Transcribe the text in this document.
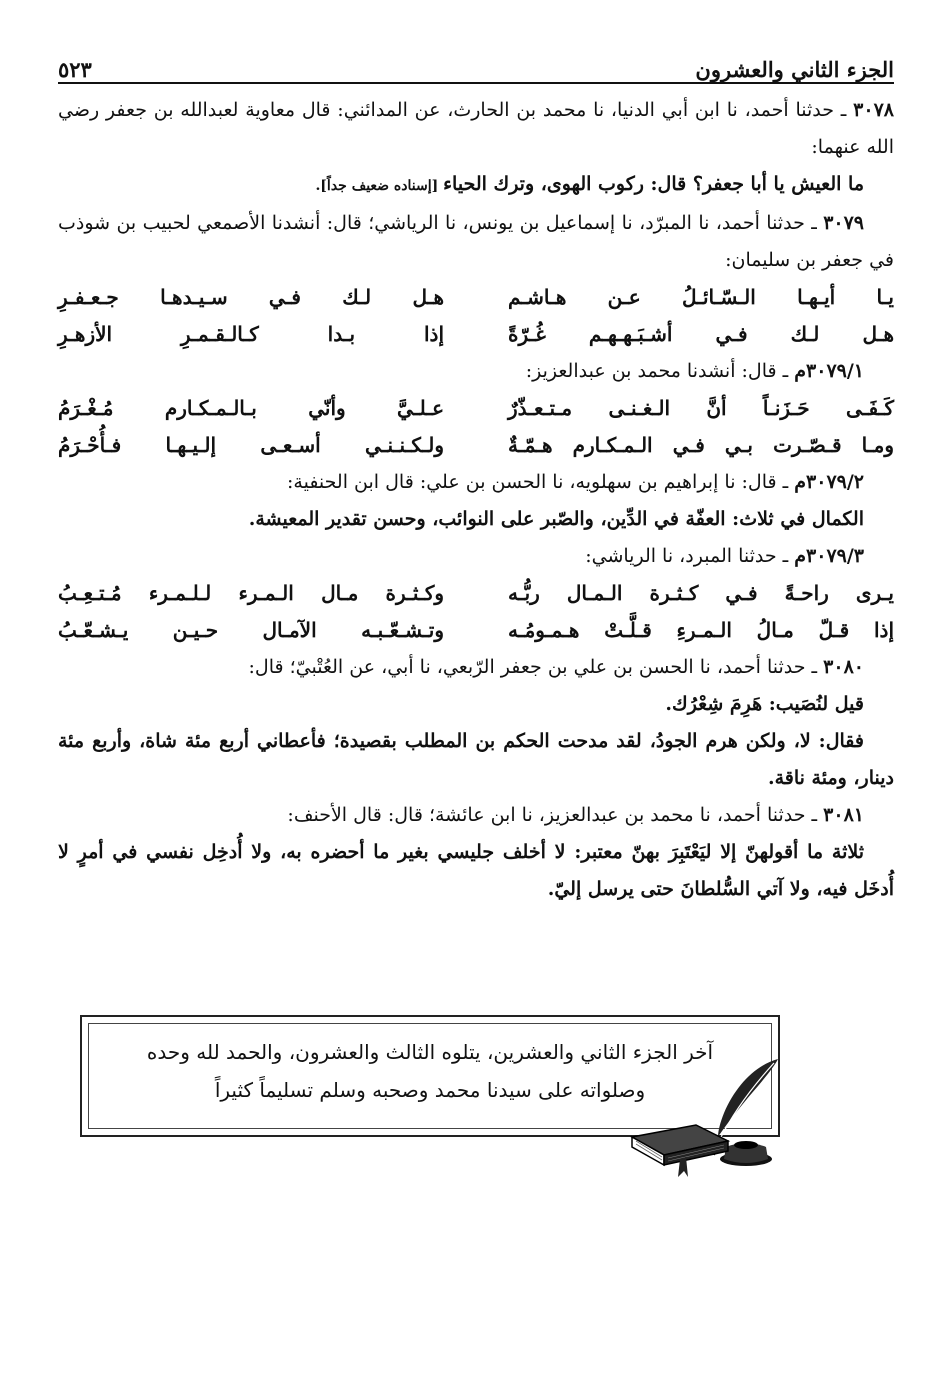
الجزء الثاني والعشرون
٥٢٣

٣٠٧٨ ـ حدثنا أحمد، نا ابن أبي الدنيا، نا محمد بن الحارث، عن المدائني: قال معاوية لعبدالله بن جعفر رضي الله عنهما:

ما العيش يا أبا جعفر؟ قال: ركوب الهوى، وترك الحياء [إسناده ضعيف جداً].

٣٠٧٩ ـ حدثنا أحمد، نا المبرّد، نا إسماعيل بن يونس، نا الرياشي؛ قال: أنشدنا الأصمعي لحبيب بن شوذب في جعفر بن سليمان:

يـا أيـهـا الـسّـائـلُ عـن هـاشـم
هـل لـك فـي سـيـدهـا جـعـفـرِ
هـل لـك فـي أشـبَـهـهـم غُـرّةً
إذا بـدا كـالـقـمـرِ الأزهـرِ

٣٠٧٩/١م ـ قال: أنشدنا محمد بن عبدالعزيز:

كَـفَـى حَـزَنـاً أنَّ الـغـنـى مـتـعـذّرٌ
عـلـيَّ وأنّي بـالـمـكـارم مُـغْـرَمُ
ومـا قـصّـرت بـي فـي الـمـكـارم هـمّـةٌ
ولـكـنـنـي أسـعـى إلـيـهـا فـأُحْـرَمُ

٣٠٧٩/٢م ـ قال: نا إبراهيم بن سهلويه، نا الحسن بن علي: قال ابن الحنفية:

الكمال في ثلاث: العفّة في الدِّين، والصّبر على النوائب، وحسن تقدير المعيشة.

٣٠٧٩/٣م ـ حدثنا المبرد، نا الرياشي:

يـرى راحـةً فـي كـثـرة الـمـال ربُّـه
وكـثـرة مـال الـمـرء لـلـمـرء مُـتـعِـبُ
إذا قـلّ مـالُ الـمـرءِ قـلَّـتْ هـمـومُـه
وتـشـعّـبـه الآمـال حـيـن يـشـعّـبُ

٣٠٨٠ ـ حدثنا أحمد، نا الحسن بن علي بن جعفر الرّبعي، نا أبي، عن العُتْبيّ؛ قال:

قيل لنُصَيب: هَرِمَ شِعْرُك.

فقال: لا، ولكن هرم الجودُ، لقد مدحت الحكم بن المطلب بقصيدة؛ فأعطاني أربع مئة شاة، وأربع مئة دينار، ومئة ناقة.

٣٠٨١ ـ حدثنا أحمد، نا محمد بن عبدالعزيز، نا ابن عائشة؛ قال: قال الأحنف:

ثلاثة ما أقولهنّ إلا ليَعْتَبِرَ بهنّ معتبر: لا أخلف جليسي بغير ما أحضره به، ولا أُدخِل نفسي في أمرٍ لا أُدخَل فيه، ولا آتي السُّلطانَ حتى يرسل إليّ.

آخر الجزء الثاني والعشرين، يتلوه الثالث والعشرون، والحمد لله وحده
وصلواته على سيدنا محمد وصحبه وسلم تسليماً كثيراً
